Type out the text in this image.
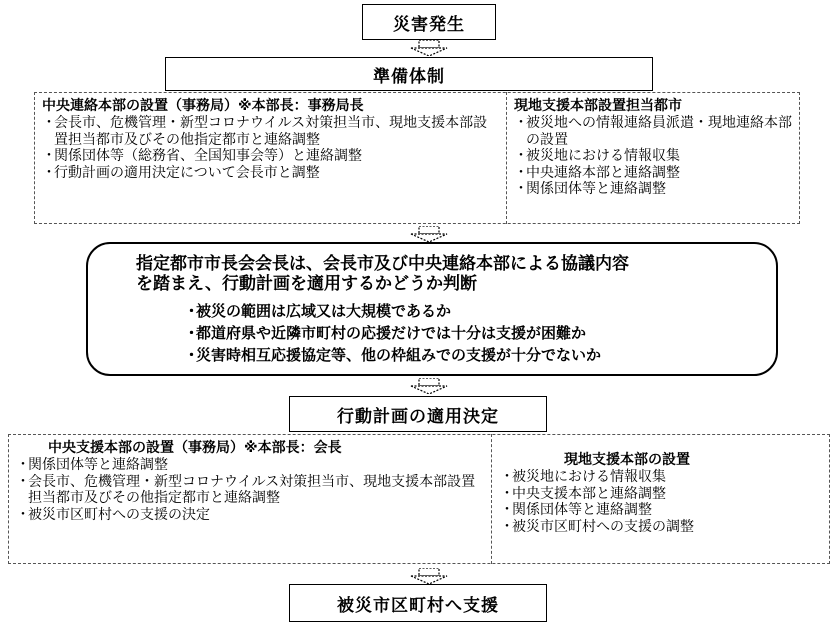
災害発生
準備体制
中央連絡本部の設置（事務局）※本部長：事務局長
・ 会長市、危機管理・新型コロナウイルス対策担当市、現地支援本部設置担当都市及びその他指定都市と連絡調整
・ 関係団体等（総務省、全国知事会等）と連絡調整
・ 行動計画の適用決定について会長市と調整
現地支援本部設置担当都市
・ 被災地への情報連絡員派遣・現地連絡本部の設置
・ 被災地における情報収集
・ 中央連絡本部と連絡調整
・ 関係団体等と連絡調整
指定都市市長会会長は、会長市及び中央連絡本部による協議内容
を踏まえ、行動計画を適用するかどうか判断
・ 被災の範囲は広域又は大規模であるか
・ 都道府県や近隣市町村の応援だけでは十分は支援が困難か
・ 災害時相互応援協定等、他の枠組みでの支援が十分でないか
行動計画の適用決定
中央支援本部の設置（事務局）※本部長：会長
・ 関係団体等と連絡調整
・ 会長市、危機管理・新型コロナウイルス対策担当市、現地支援本部設置担当都市及びその他指定都市と連絡調整
・ 被災市区町村への支援の決定
現地支援本部の設置
・ 被災地における情報収集
・ 中央支援本部と連絡調整
・ 関係団体等と連絡調整
・ 被災市区町村への支援の調整
被災市区町村へ支援
